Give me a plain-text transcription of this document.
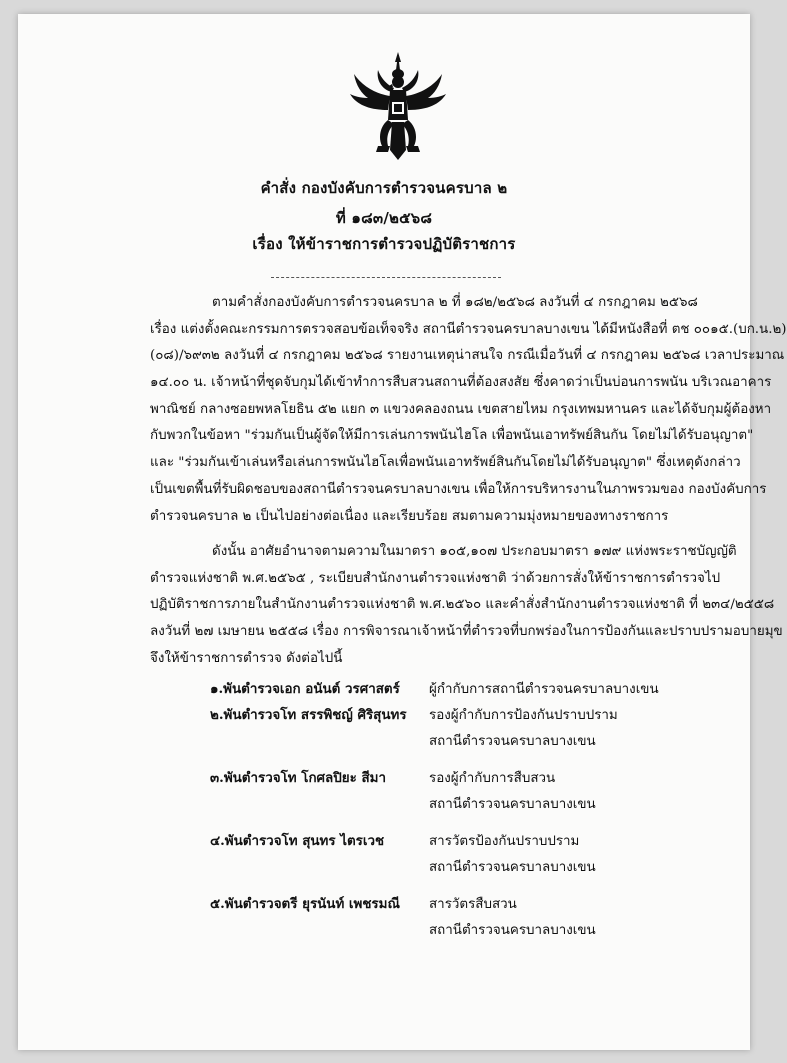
คำสั่ง กองบังคับการตำรวจนครบาล ๒
ที่ ๑๘๓/๒๕๖๘
เรื่อง ให้ข้าราชการตำรวจปฏิบัติราชการ
ตามคำสั่งกองบังคับการตำรวจนครบาล ๒ ที่ ๑๘๒/๒๕๖๘ ลงวันที่ ๔ กรกฎาคม ๒๕๖๘
เรื่อง แต่งตั้งคณะกรรมการตรวจสอบข้อเท็จจริง สถานีตำรวจนครบาลบางเขน ได้มีหนังสือที่ ตช ๐๐๑๕.(บก.น.๒)
(๐๘)/๖๙๓๒ ลงวันที่ ๔ กรกฎาคม ๒๕๖๘ รายงานเหตุน่าสนใจ กรณีเมื่อวันที่ ๔ กรกฎาคม ๒๕๖๘ เวลาประมาณ
๑๔.๐๐ น. เจ้าหน้าที่ชุดจับกุมได้เข้าทำการสืบสวนสถานที่ต้องสงสัย ซึ่งคาดว่าเป็นบ่อนการพนัน บริเวณอาคาร
พาณิชย์ กลางซอยพหลโยธิน ๕๒ แยก ๓ แขวงคลองถนน เขตสายไหม กรุงเทพมหานคร และได้จับกุมผู้ต้องหา
กับพวกในข้อหา "ร่วมกันเป็นผู้จัดให้มีการเล่นการพนันไฮโล เพื่อพนันเอาทรัพย์สินกัน โดยไม่ได้รับอนุญาต"
และ "ร่วมกันเข้าเล่นหรือเล่นการพนันไฮโลเพื่อพนันเอาทรัพย์สินกันโดยไม่ได้รับอนุญาต" ซึ่งเหตุดังกล่าว
เป็นเขตพื้นที่รับผิดชอบของสถานีตำรวจนครบาลบางเขน เพื่อให้การบริหารงานในภาพรวมของ กองบังคับการ
ตำรวจนครบาล ๒ เป็นไปอย่างต่อเนื่อง และเรียบร้อย สมตามความมุ่งหมายของทางราชการ
ดังนั้น อาศัยอำนาจตามความในมาตรา ๑๐๕,๑๐๗ ประกอบมาตรา ๑๗๙ แห่งพระราชบัญญัติ
ตำรวจแห่งชาติ พ.ศ.๒๕๖๕ , ระเบียบสำนักงานตำรวจแห่งชาติ ว่าด้วยการสั่งให้ข้าราชการตำรวจไป
ปฏิบัติราชการภายในสำนักงานตำรวจแห่งชาติ พ.ศ.๒๕๖๐ และคำสั่งสำนักงานตำรวจแห่งชาติ ที่ ๒๓๔/๒๕๕๘
ลงวันที่ ๒๗ เมษายน ๒๕๕๘ เรื่อง การพิจารณาเจ้าหน้าที่ตำรวจที่บกพร่องในการป้องกันและปราบปรามอบายมุข
จึงให้ข้าราชการตำรวจ ดังต่อไปนี้
๑.พันตำรวจเอก อนันต์ วรศาสตร์ ผู้กำกับการสถานีตำรวจนครบาลบางเขน
๒.พันตำรวจโท สรรพิชญ์ ศิริสุนทร รองผู้กำกับการป้องกันปราบปราม
สถานีตำรวจนครบาลบางเขน
๓.พันตำรวจโท โกศลปิยะ สีมา	รองผู้กำกับการสืบสวน
สถานีตำรวจนครบาลบางเขน
๔.พันตำรวจโท สุนทร ไตรเวช	สารวัตรป้องกันปราบปราม
สถานีตำรวจนครบาลบางเขน
๕.พันตำรวจตรี ยุรนันท์ เพชรมณี สารวัตรสืบสวน
สถานีตำรวจนครบาลบางเขน
